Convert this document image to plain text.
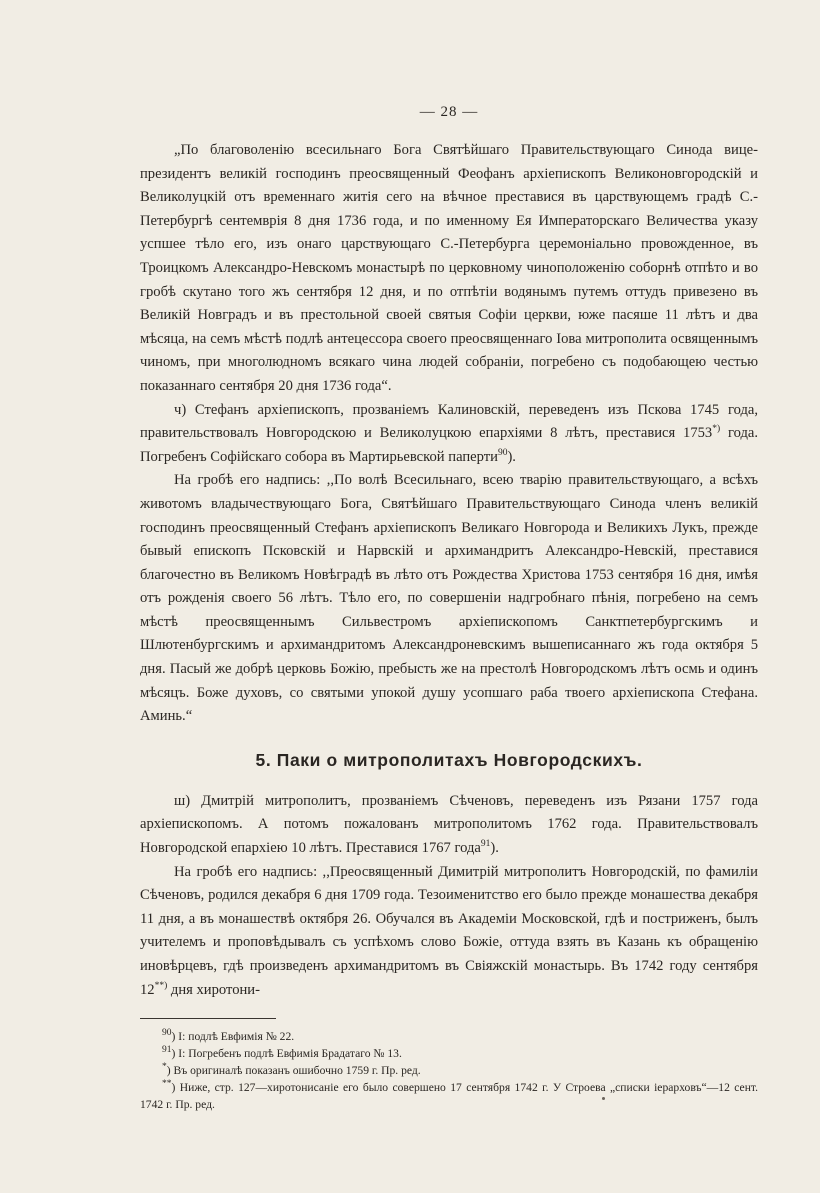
— 28 —

„По благоволенію всесильнаго Бога Святѣйшаго Правительствующаго Синода вице-президентъ великій господинъ преосвященный Феофанъ архіепископъ Великоновгородскій и Великолуцкій отъ временнаго житія сего на вѣчное преставися въ царствующемъ градѣ С.-Петербургѣ сентемврія 8 дня 1736 года, и по именному Ея Императорскаго Величества указу успшее тѣло его, изъ онаго царствующаго С.-Петербурга церемоніально провожденное, въ Троицкомъ Александро-Невскомъ монастырѣ по церковному чиноположенію соборнѣ отпѣто и во гробѣ скутано того жъ сентября 12 дня, и по отпѣтіи водянымъ путемъ оттудъ привезено въ Великій Новградъ и въ престольной своей святыя Софіи церкви, юже пасяше 11 лѣтъ и два мѣсяца, на семъ мѣстѣ подлѣ антецессора своего преосвященнаго Іова митрополита освященнымъ чиномъ, при многолюдномъ всякаго чина людей собраніи, погребено съ подобающею честью показаннаго сентября 20 дня 1736 года“.

ч) Стефанъ архіепископъ, прозваніемъ Калиновскій, переведенъ изъ Пскова 1745 года, правительствовалъ Новгородскою и Великолуцкою епархіями 8 лѣтъ, преставися 1753*) года. Погребенъ Софійскаго собора въ Мартирьевской паперти$^{90}$).

На гробѣ его надпись: ,,По волѣ Всесильнаго, всею тварію правительствующаго, а всѣхъ животомъ владычествующаго Бога, Святѣйшаго Правительствующаго Синода членъ великій господинъ преосвященный Стефанъ архіепископъ Великаго Новгорода и Великихъ Лукъ, прежде бывый епископъ Псковскій и Нарвскій и архимандритъ Александро-Невскій, преставися благочестно въ Великомъ Новѣградѣ въ лѣто отъ Рождества Христова 1753 сентября 16 дня, имѣя отъ рожденія своего 56 лѣтъ. Тѣло его, по совершеніи надгробнаго пѣнія, погребено на семъ мѣстѣ преосвященнымъ Сильвестромъ архіепископомъ Санктпетербургскимъ и Шлютенбургскимъ и архимандритомъ Александроневскимъ вышеписаннаго жъ года октября 5 дня. Пасый же добрѣ церковь Божію, пребысть же на престолѣ Новгородскомъ лѣтъ осмь и одинъ мѣсяцъ. Боже духовъ, со святыми упокой душу усопшаго раба твоего архіепископа Стефана. Аминь.“

5. Паки о митрополитахъ Новгородскихъ.

ш) Дмитрій митрополитъ, прозваніемъ Сѣченовъ, переведенъ изъ Рязани 1757 года архіепископомъ. А потомъ пожалованъ митрополитомъ 1762 года. Правительствовалъ Новгородской епархіею 10 лѣтъ. Преставися 1767 года$^{91}$).

На гробѣ его надпись: ,,Преосвященный Димитрій митрополитъ Новгородскій, по фамиліи Сѣченовъ, родился декабря 6 дня 1709 года. Тезоименитство его было прежде монашества декабря 11 дня, а въ монашествѣ октября 26. Обучался въ Академіи Московской, гдѣ и постриженъ, былъ учителемъ и проповѣдывалъ съ успѣхомъ слово Божіе, оттуда взять въ Казань къ обращенію иновѣрцевъ, гдѣ произведенъ архимандритомъ въ Свіяжскій монастырь. Въ 1742 году сентября 12**) дня хиротони-

$^{90}$) I: подлѣ Евфимія № 22.

$^{91}$) I: Погребенъ подлѣ Евфимія Брадатаго № 13.

*) Въ оригиналѣ показанъ ошибочно 1759 г. Пр. ред.

**) Ниже, стр. 127—хиротонисаніе его было совершено 17 сентября 1742 г. У Строева „списки іерарховъ“—12 сент. 1742 г. Пр. ред.
